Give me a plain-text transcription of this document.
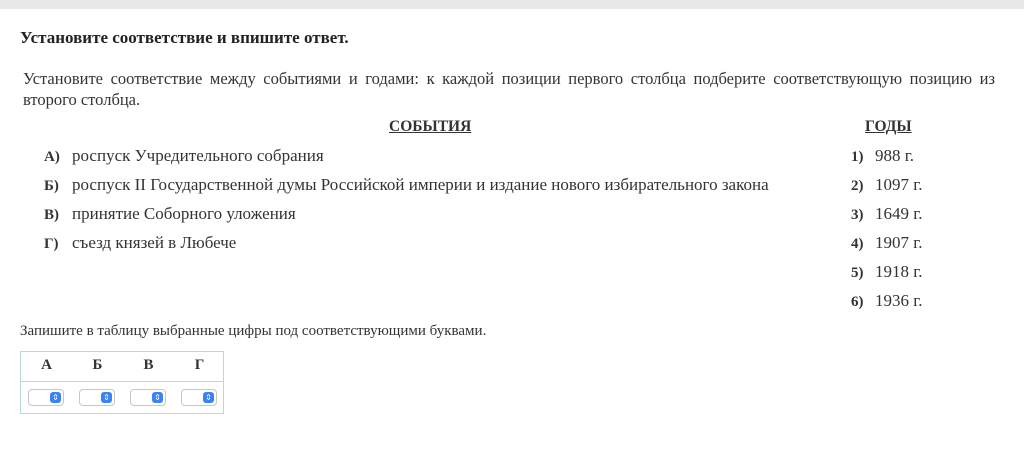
Установите соответствие и впишите ответ.
Установите соответствие между событиями и годами: к каждой позиции первого столбца подберите соответствующую позицию из второго столбца.
СОБЫТИЯ	ГОДЫ
А) роспуск Учредительного собрания
Б) роспуск II Государственной думы Российской империи и издание нового избирательного закона
В) принятие Соборного уложения
Г) съезд князей в Любече
1) 988 г.
2) 1097 г.
3) 1649 г.
4) 1907 г.
5) 1918 г.
6) 1936 г.
Запишите в таблицу выбранные цифры под соответствующими буквами.
А	Б	В	Г
⇕	⇕	⇕	⇕
